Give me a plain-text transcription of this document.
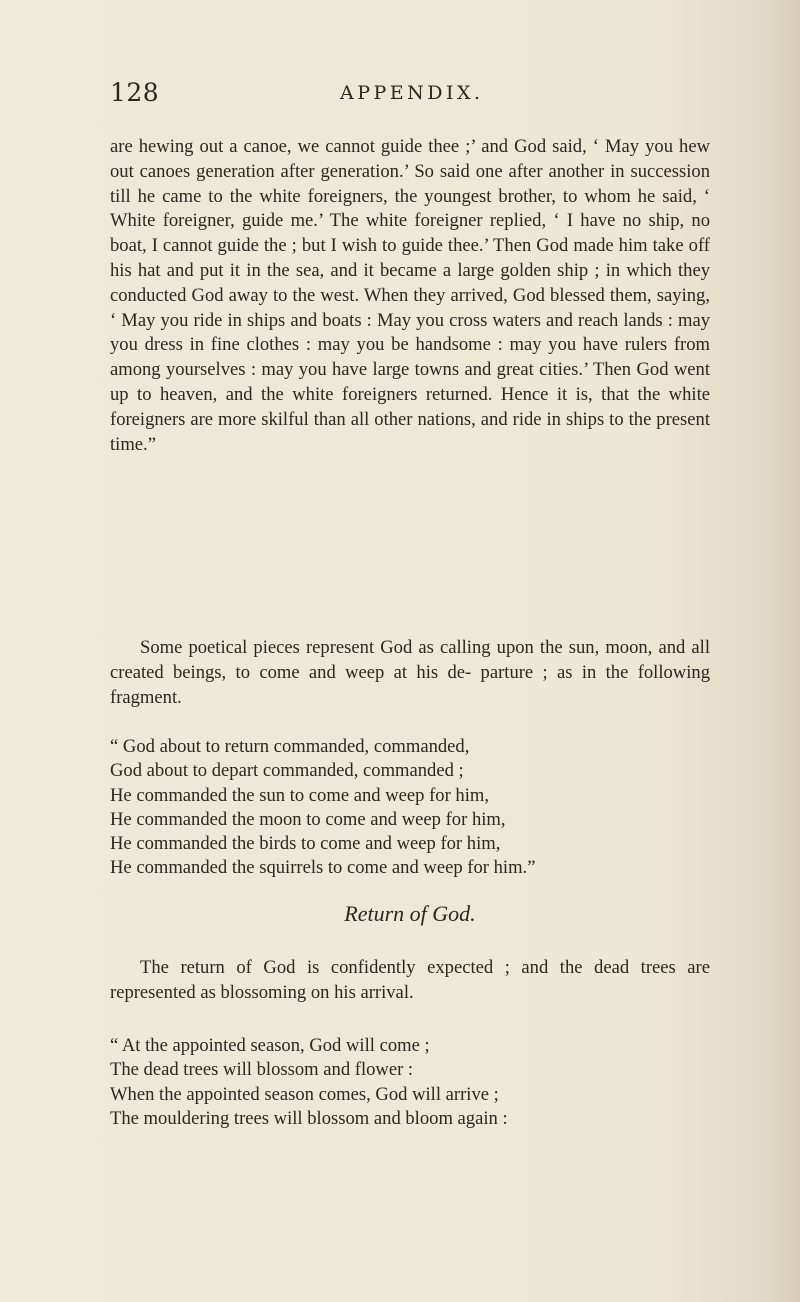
128	APPENDIX.
are hewing out a canoe, we cannot guide thee ;’ and God said, ‘ May you hew out canoes generation after generation.’ So said one after another in succession till he came to the white foreigners, the youngest brother, to whom he said, ‘ White foreigner, guide me.’ The white foreigner replied, ‘ I have no ship, no boat, I cannot guide the ; but I wish to guide thee.’ Then God made him take off his hat and put it in the sea, and it became a large golden ship ; in which they conducted God away to the west. When they arrived, God blessed them, saying, ‘ May you ride in ships and boats : May you cross waters and reach lands : may you dress in fine clothes : may you be handsome : may you have rulers from among yourselves : may you have large towns and great cities.’ Then God went up to heaven, and the white foreigners returned. Hence it is, that the white foreigners are more skilful than all other nations, and ride in ships to the present time.”
Some poetical pieces represent God as calling upon the sun, moon, and all created beings, to come and weep at his de- parture ; as in the following fragment.
“ God about to return commanded, commanded,
God about to depart commanded, commanded ;
He commanded the sun to come and weep for him,
He commanded the moon to come and weep for him,
He commanded the birds to come and weep for him,
He commanded the squirrels to come and weep for him.”
Return of God.
The return of God is confidently expected ; and the dead trees are represented as blossoming on his arrival.
“ At the appointed season, God will come ;
The dead trees will blossom and flower :
When the appointed season comes, God will arrive ;
The mouldering trees will blossom and bloom again :
